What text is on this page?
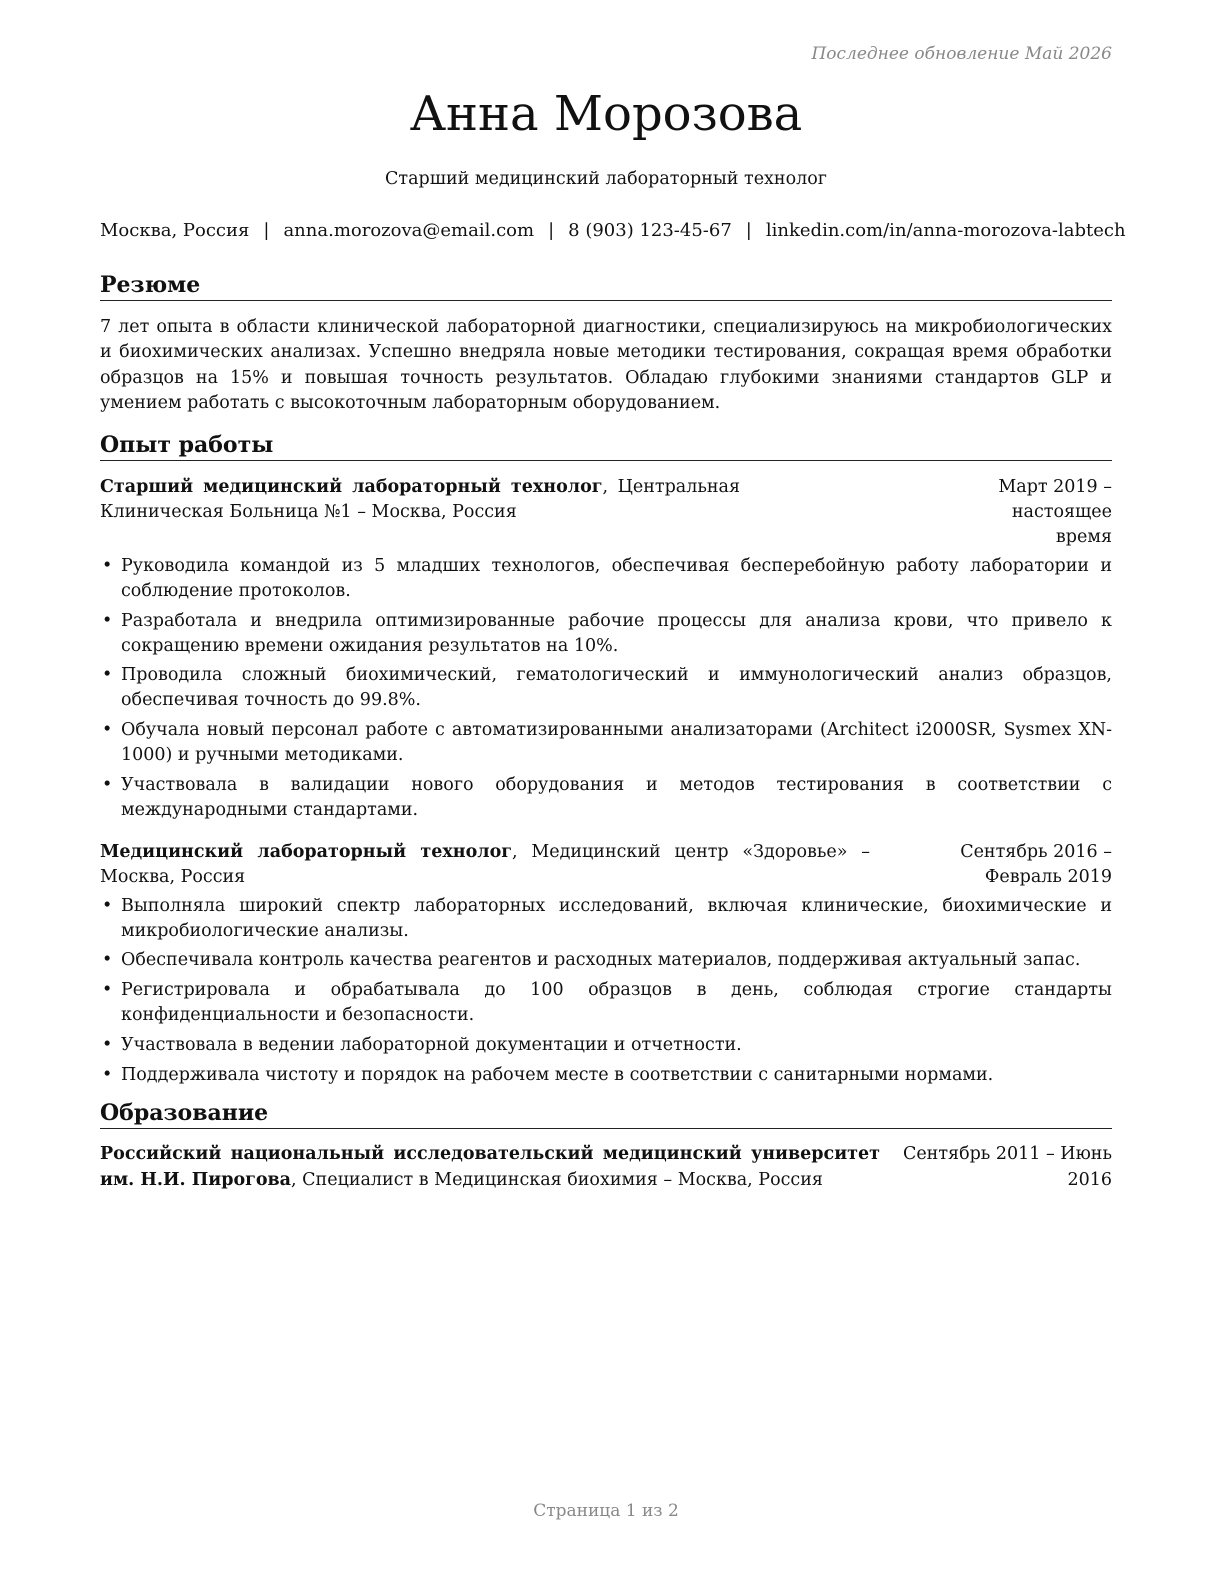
Последнее обновление Май 2026
Анна Морозова
Старший медицинский лабораторный технолог
Москва, Россия | anna.morozova@email.com | 8 (903) 123-45-67 | linkedin.com/in/anna-morozova-labtech
Резюме
7 лет опыта в области клинической лабораторной диагностики, специализируюсь на микробиологических и биохимических анализах. Успешно внедряла новые методики тестирования, сокращая время обработки образцов на 15% и повышая точность результатов. Обладаю глубокими знаниями стандартов GLP и умением работать с высокоточным лабораторным оборудованием.
Опыт работы
Старший медицинский лабораторный технолог, Центральная Клиническая Больница №1 – Москва, Россия
Март 2019 – настоящее время
• Руководила командой из 5 младших технологов, обеспечивая бесперебойную работу лаборатории и соблюдение протоколов.
• Разработала и внедрила оптимизированные рабочие процессы для анализа крови, что привело к сокращению времени ожидания результатов на 10%.
• Проводила сложный биохимический, гематологический и иммунологический анализ образцов, обеспечивая точность до 99.8%.
• Обучала новый персонал работе с автоматизированными анализаторами (Architect i2000SR, Sysmex XN-1000) и ручными методиками.
• Участвовала в валидации нового оборудования и методов тестирования в соответствии с международными стандартами.
Медицинский лабораторный технолог, Медицинский центр «Здоровье» – Москва, Россия
Сентябрь 2016 – Февраль 2019
• Выполняла широкий спектр лабораторных исследований, включая клинические, биохимические и микробиологические анализы.
• Обеспечивала контроль качества реагентов и расходных материалов, поддерживая актуальный запас.
• Регистрировала и обрабатывала до 100 образцов в день, соблюдая строгие стандарты конфиденциальности и безопасности.
• Участвовала в ведении лабораторной документации и отчетности.
• Поддерживала чистоту и порядок на рабочем месте в соответствии с санитарными нормами.
Образование
Российский национальный исследовательский медицинский университет им. Н.И. Пирогова, Специалист в Медицинская биохимия – Москва, Россия
Сентябрь 2011 – Июнь 2016
Страница 1 из 2
